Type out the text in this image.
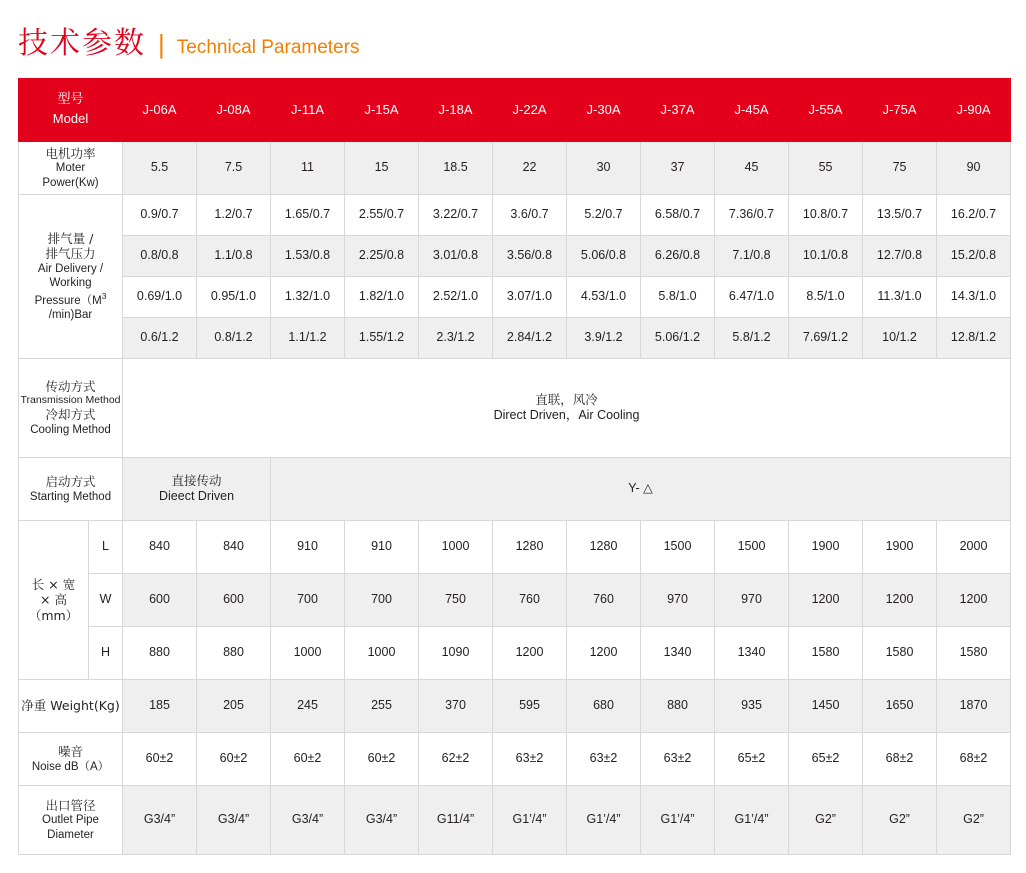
技术参数 | Technical Parameters
型号
Model		J-06A	J-08A	J-11A	J-15A	J-18A	J-22A	J-30A	J-37A	J-45A	J-55A	J-75A	J-90A

电机功率
Moter
Power(Kw)		5.5	7.5	11	15	18.5	22	30	37	45	55	75	90

排气量 /
排气压力
Air Delivery /
Working
$Pressure(M^3$
/min)Bar
	0.9/0.7	1.2/0.7	1.65/0.7	2.55/0.7	3.22/0.7	3.6/0.7	5.2/0.7	6.58/0.7	7.36/0.7	10.8/0.7	13.5/0.7	16.2/0.7
		0.8/0.8	1.1/0.8	1.53/0.8	2.25/0.8	3.01/0.8	3.56/0.8	5.06/0.8	6.26/0.8	7.1/0.8	10.1/0.8	12.7/0.8	15.2/0.8
		0.69/1.0	0.95/1.0	1.32/1.0	1.82/1.0	2.52/1.0	3.07/1.0	4.53/1.0	5.8/1.0	6.47/1.0	8.5/1.0	11.3/1.0	14.3/1.0
		0.6/1.2	0.8/1.2	1.1/1.2	1.55/1.2	2.3/1.2	2.84/1.2	3.9/1.2	5.06/1.2	5.8/1.2	7.69/1.2	10/1.2	12.8/1.2

传动方式
Transmission Method
冷却方式
Cooling Method

直联，风冷
Direct Driven，Air Cooling

启动方式
Starting Method

直接传动
Dieect Driven
	Y- △

长 × 宽
× 高
（mm）	L	840	840	910	910	1000	1280	1280	1500	1500	1900	1900	2000
	W	600	600	700	700	750	760	760	970	970	1200	1200	1200
	H	880	880	1000	1000	1090	1200	1200	1340	1340	1580	1580	1580

净重 Weight(Kg)		185	205	245	255	370	595	680	880	935	1450	1650	1870

噪音
Noise dB（A）		60±2	60±2	60±2	60±2	62±2	63±2	63±2	63±2	65±2	65±2	68±2	68±2

出口管径
Outlet Pipe
Diameter		G3/4”	G3/4”	G3/4”	G3/4”	G11/4”	G1’/4”	G1’/4”	G1’/4”	G1’/4”	G2”	G2”	G2”
